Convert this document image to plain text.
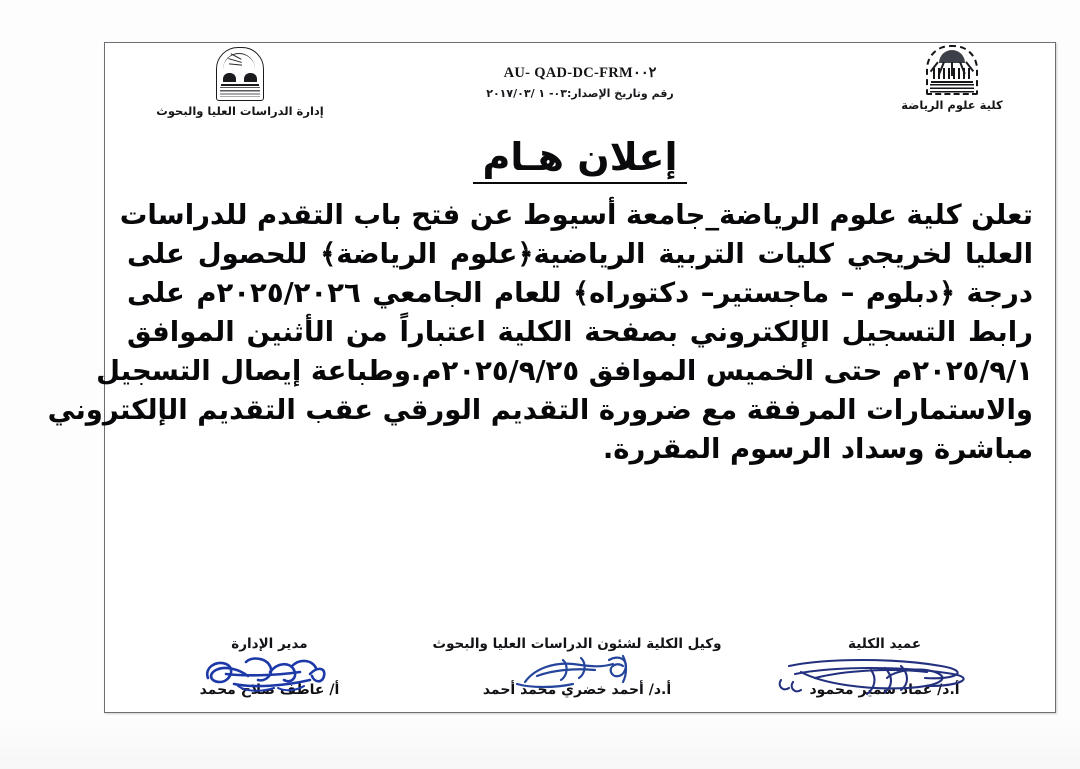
إدارة الدراسات العليا والبحوث
AU- QAD-DC-FRM٠٠٢
رقم وتاريخ الإصدار:٠٣- ١ /٢٠١٧/٠٣
كلية علوم الرياضة
إعلان هـام
تعلن كلية علوم الرياضة_جامعة أسيوط عن فتح باب التقدم للدراسات
العليا لخريجي كليات التربية الرياضية﴿علوم الرياضة﴾ للحصول على
درجة ﴿دبلوم – ماجستير– دكتوراه﴾ للعام الجامعي ٢٠٢٥/٢٠٢٦م على
رابط التسجيل الإلكتروني بصفحة الكلية اعتباراً من الأثنين الموافق
٢٠٢٥/٩/١م حتى الخميس الموافق ٢٠٢٥/٩/٢٥م.وطباعة إيصال التسجيل
والاستمارات المرفقة مع ضرورة التقديم الورقي عقب التقديم الإلكتروني
مباشرة وسداد الرسوم المقررة.
مدير الإدارة
أ/ عاطف صلاح محمد
وكيل الكلية لشئون الدراسات العليا والبحوث
أ.د/ أحمد خضري محمد أحمد
عميد الكلية
أ.د/ عماد سمير محمود
